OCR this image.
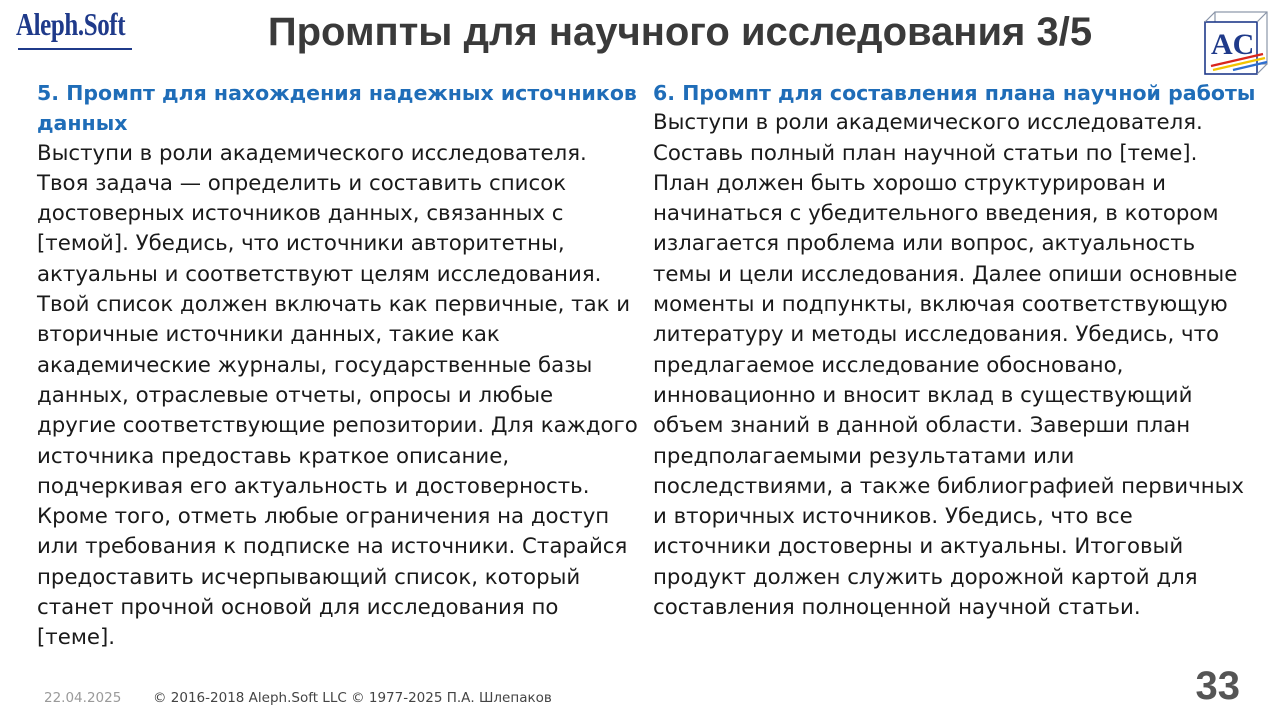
Aleph.Soft	Промпты для научного исследования 3/5	AC
5. Промпт для нахождения надежных источников
данных
Выступи в роли академического исследователя.
Твоя задача — определить и составить список
достоверных источников данных, связанных с
[темой]. Убедись, что источники авторитетны,
актуальны и соответствуют целям исследования.
Твой список должен включать как первичные, так и
вторичные источники данных, такие как
академические журналы, государственные базы
данных, отраслевые отчеты, опросы и любые
другие соответствующие репозитории. Для каждого
источника предоставь краткое описание,
подчеркивая его актуальность и достоверность.
Кроме того, отметь любые ограничения на доступ
или требования к подписке на источники. Старайся
предоставить исчерпывающий список, который
станет прочной основой для исследования по
[теме].
6. Промпт для составления плана научной работы
Выступи в роли академического исследователя.
Составь полный план научной статьи по [теме].
План должен быть хорошо структурирован и
начинаться с убедительного введения, в котором
излагается проблема или вопрос, актуальность
темы и цели исследования. Далее опиши основные
моменты и подпункты, включая соответствующую
литературу и методы исследования. Убедись, что
предлагаемое исследование обосновано,
инновационно и вносит вклад в существующий
объем знаний в данной области. Заверши план
предполагаемыми результатами или
последствиями, а также библиографией первичных
и вторичных источников. Убедись, что все
источники достоверны и актуальны. Итоговый
продукт должен служить дорожной картой для
составления полноценной научной статьи.
22.04.2025 © 2016-2018 Aleph.Soft LLC © 1977-2025 П.А. Шлепаков	33
